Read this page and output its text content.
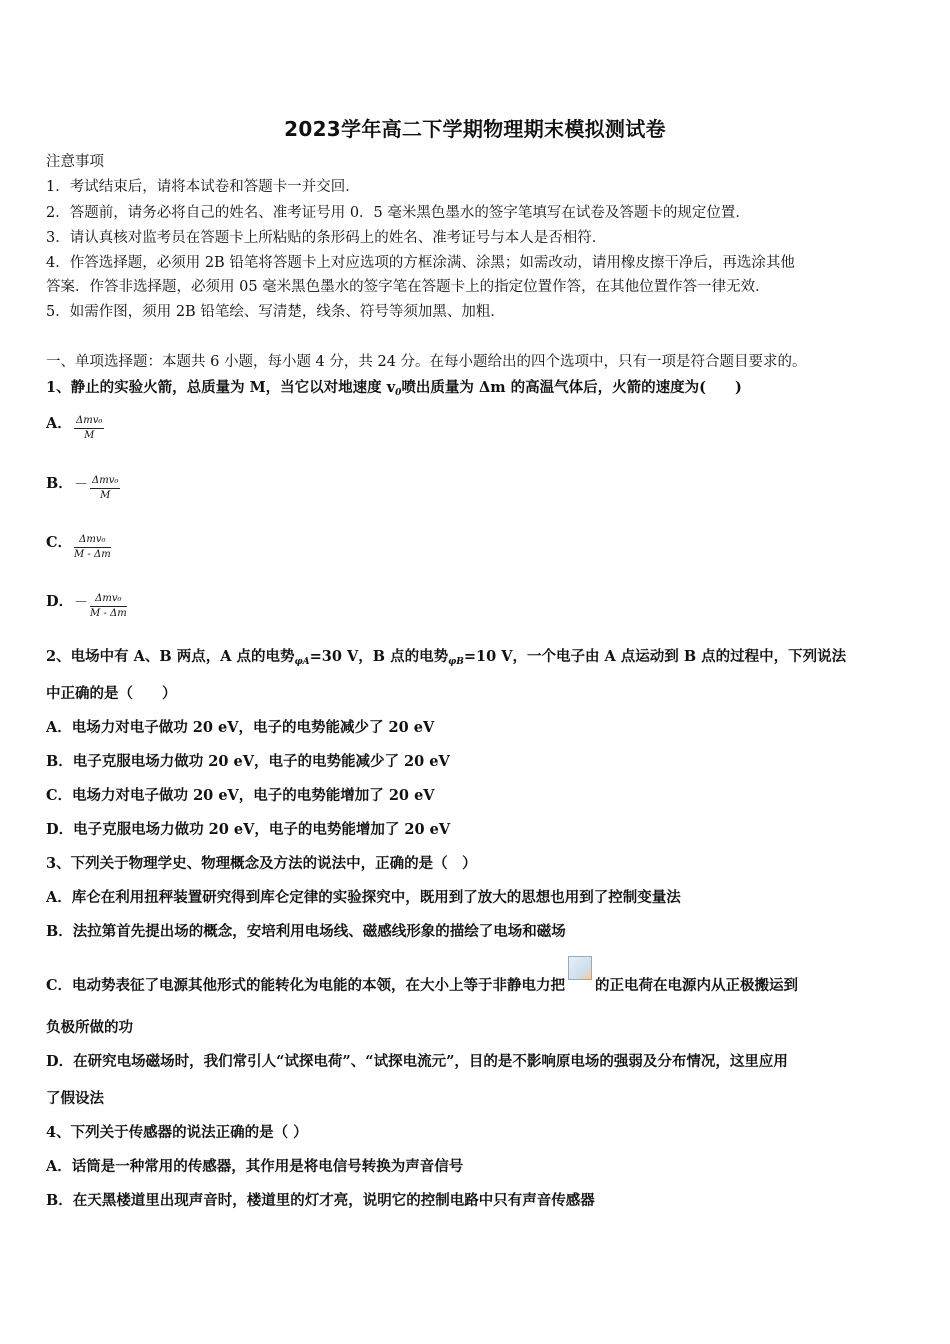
2023学年高二下学期物理期末模拟测试卷
注意事项
1．考试结束后，请将本试卷和答题卡一并交回．
2．答题前，请务必将自己的姓名、准考证号用 0．5 毫米黑色墨水的签字笔填写在试卷及答题卡的规定位置．
3．请认真核对监考员在答题卡上所粘贴的条形码上的姓名、准考证号与本人是否相符．
4．作答选择题，必须用 2B 铅笔将答题卡上对应选项的方框涂满、涂黑；如需改动，请用橡皮擦干净后，再选涂其他
答案．作答非选择题，必须用 05 毫米黑色墨水的签字笔在答题卡上的指定位置作答，在其他位置作答一律无效．
5．如需作图，须用 2B 铅笔绘、写清楚，线条、符号等须加黑、加粗．
一、单项选择题：本题共 6 小题，每小题 4 分，共 24 分。在每小题给出的四个选项中，只有一项是符合题目要求的。
1、静止的实验火箭，总质量为 M，当它以对地速度 $v_0$喷出质量为 Δm 的高温气体后，火箭的速度为(　　)
A． Δmv₀
M
B． － Δmv₀
M
C． Δmv₀
M - Δm
D． － Δmv₀
M - Δm
2、电场中有 A、B 两点，A 点的电势$_{\varphi A}$=30 V，B 点的电势$_{\varphi B}$=10 V，一个电子由 A 点运动到 B 点的过程中，下列说法
中正确的是（　　）
A．电场力对电子做功 20 eV，电子的电势能减少了 20 eV
B．电子克服电场力做功 20 eV，电子的电势能减少了 20 eV
C．电场力对电子做功 20 eV，电子的电势能增加了 20 eV
D．电子克服电场力做功 20 eV，电子的电势能增加了 20 eV
3、下列关于物理学史、物理概念及方法的说法中，正确的是（　）
A．库仑在利用扭秤装置研究得到库仑定律的实验探究中，既用到了放大的思想也用到了控制变量法
B．法拉第首先提出场的概念，安培利用电场线、磁感线形象的描绘了电场和磁场
C．电动势表征了电源其他形式的能转化为电能的本领，在大小上等于非静电力把 的正电荷在电源内从正极搬运到
负极所做的功
D．在研究电场磁场时，我们常引人“试探电荷”、“试探电流元”，目的是不影响原电场的强弱及分布情况，这里应用
了假设法
4、下列关于传感器的说法正确的是（ ）
A．话筒是一种常用的传感器，其作用是将电信号转换为声音信号
B．在天黑楼道里出现声音时，楼道里的灯才亮，说明它的控制电路中只有声音传感器
